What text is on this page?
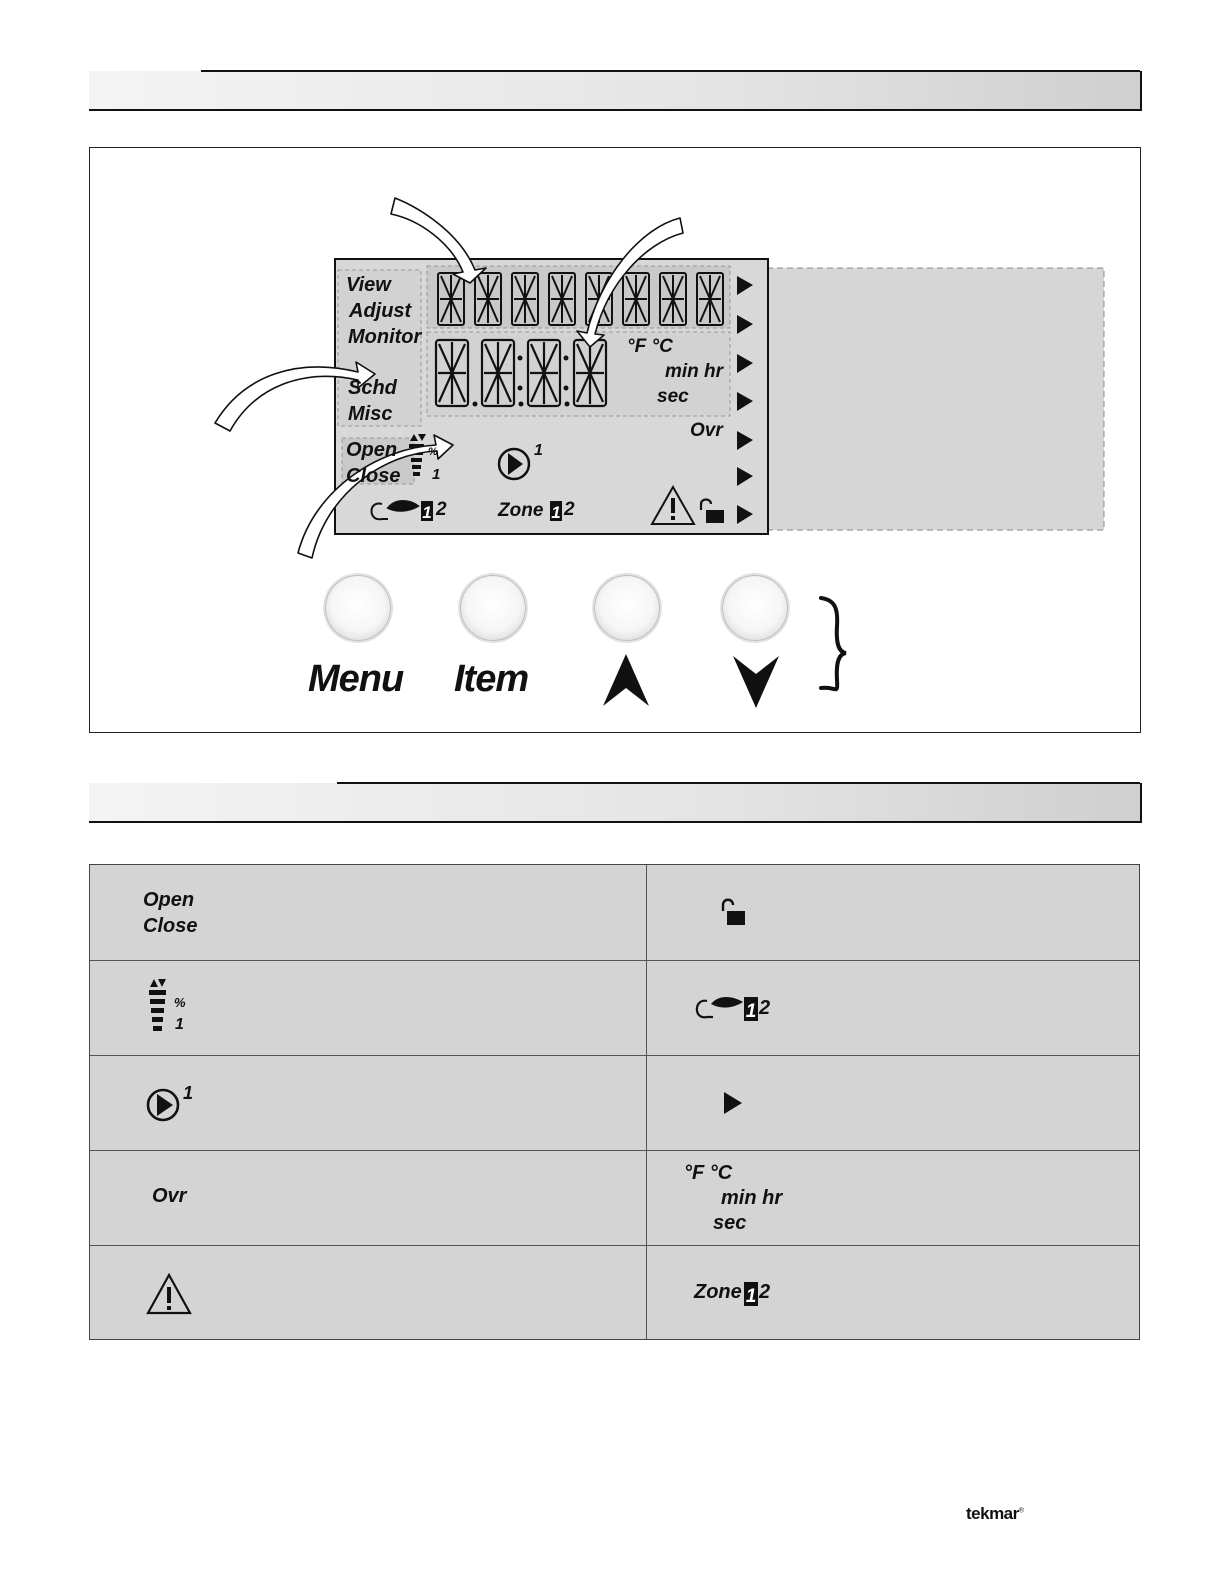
1	1
View
Adjust
Monitor
Schd
Misc
Open
Close
°F °C
min hr
sec
Ovr
1
%
1
2	Zone 2
Menu Item
Open
Close
%
1
1 2
1
Ovr
°F °C
min hr
sec
Zone 1 2
tekmar®
